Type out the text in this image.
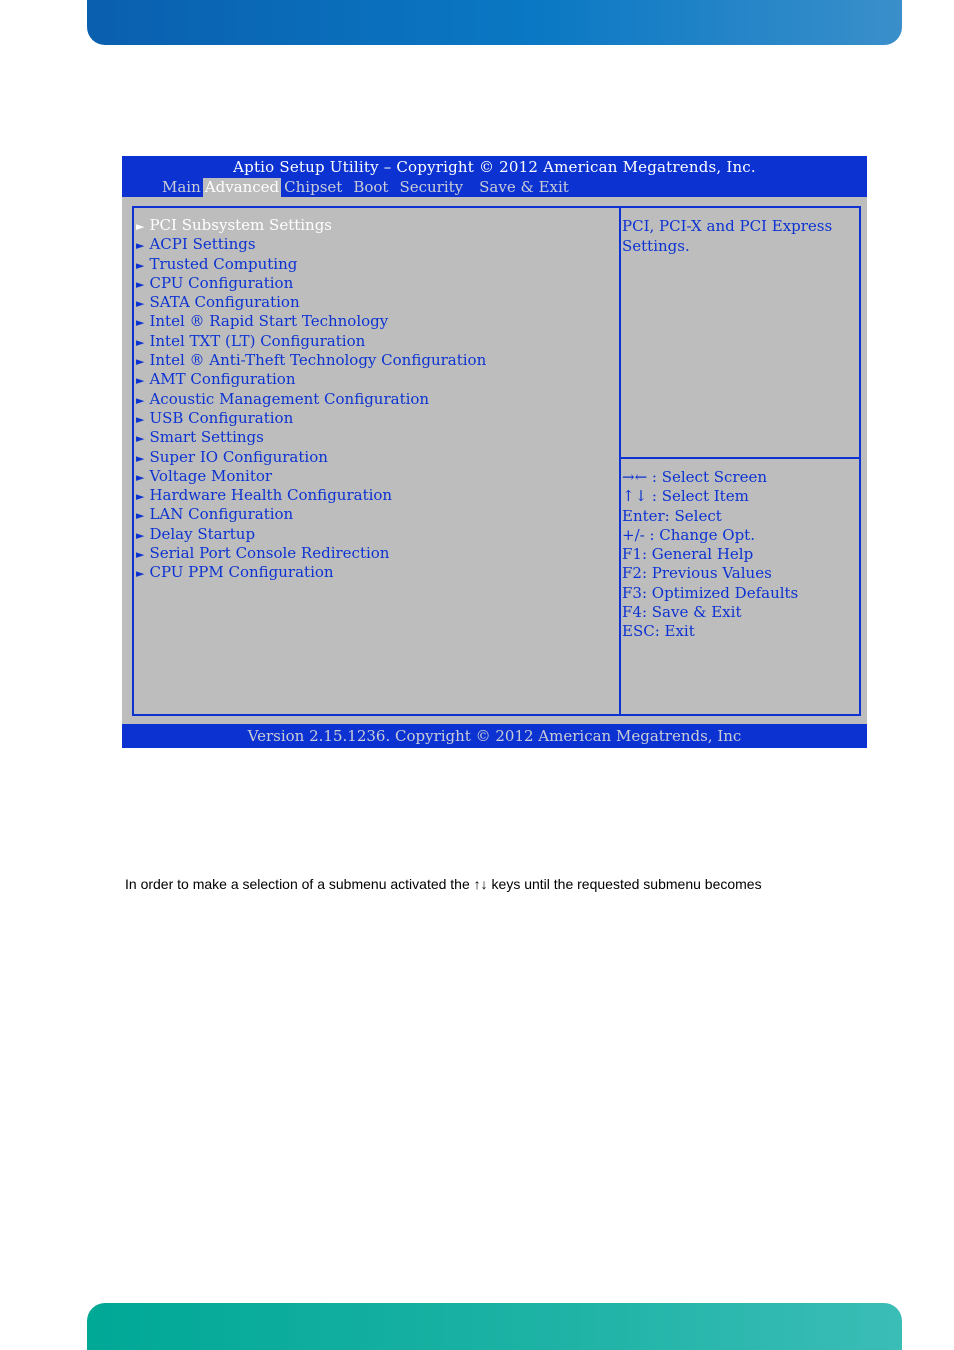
Aptio Setup Utility – Copyright © 2012 American Megatrends, Inc.
Main Advanced Chipset Boot Security Save & Exit
► PCI Subsystem Settings
► ACPI Settings
► Trusted Computing
► CPU Configuration
► SATA Configuration
► Intel ® Rapid Start Technology
► Intel TXT (LT) Configuration
► Intel ® Anti-Theft Technology Configuration
► AMT Configuration
► Acoustic Management Configuration
► USB Configuration
► Smart Settings
► Super IO Configuration
► Voltage Monitor
► Hardware Health Configuration
► LAN Configuration
► Delay Startup
► Serial Port Console Redirection
► CPU PPM Configuration
PCI, PCI-X and PCI Express Settings.
→← : Select Screen
↑↓ : Select Item
Enter: Select
+/- : Change Opt.
F1: General Help
F2: Previous Values
F3: Optimized Defaults
F4: Save & Exit
ESC: Exit
Version 2.15.1236. Copyright © 2012 American Megatrends, Inc
In order to make a selection of a submenu activated the ↑↓ keys until the requested submenu becomes
